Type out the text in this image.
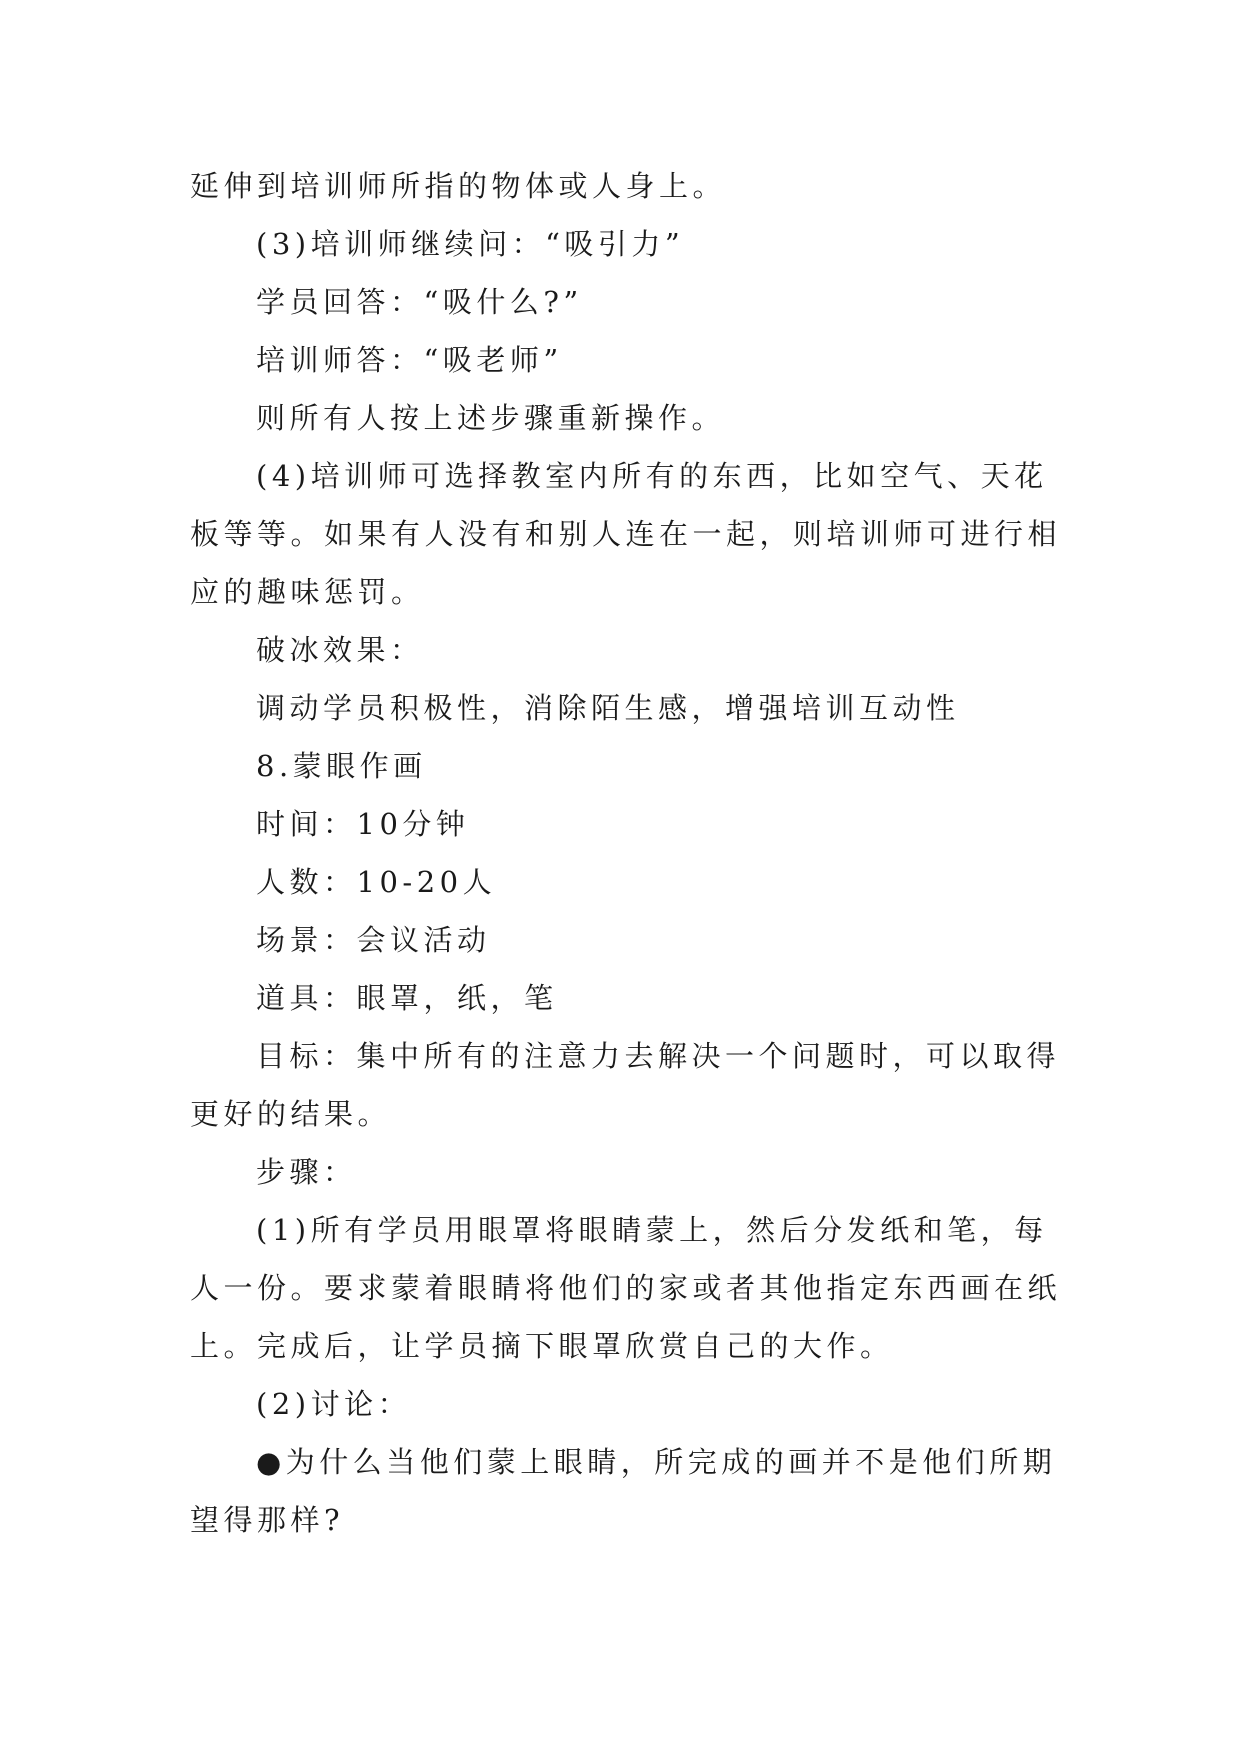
延伸到培训师所指的物体或人身上。

(3)培训师继续问：“吸引力”

学员回答：“吸什么?”

培训师答：“吸老师”

则所有人按上述步骤重新操作。

(4)培训师可选择教室内所有的东西，比如空气、天花

板等等。如果有人没有和别人连在一起，则培训师可进行相

应的趣味惩罚。

破冰效果：

调动学员积极性，消除陌生感，增强培训互动性

8.蒙眼作画

时间：10分钟

人数：10-20人

场景：会议活动

道具：眼罩，纸，笔

目标：集中所有的注意力去解决一个问题时，可以取得

更好的结果。

步骤：

(1)所有学员用眼罩将眼睛蒙上，然后分发纸和笔，每

人一份。要求蒙着眼睛将他们的家或者其他指定东西画在纸

上。完成后，让学员摘下眼罩欣赏自己的大作。

(2)讨论：

●为什么当他们蒙上眼睛，所完成的画并不是他们所期

望得那样?
